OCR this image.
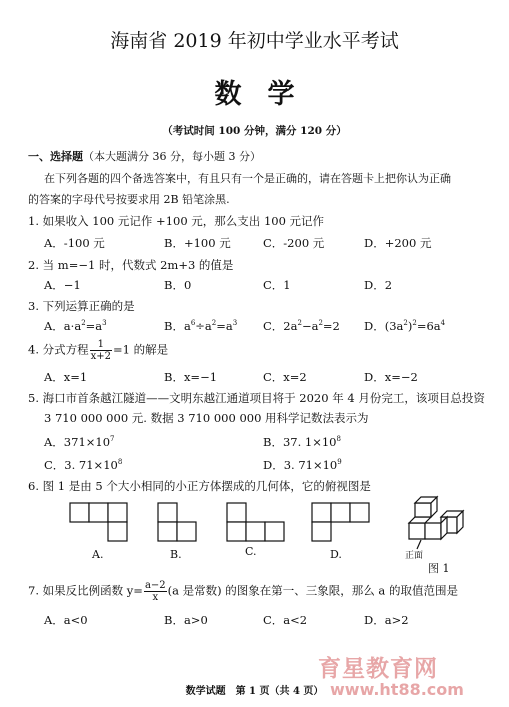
海南省 2019 年初中学业水平考试
数学
（考试时间 100 分钟，满分 120 分）
一、选择题（本大题满分 36 分，每小题 3 分）
在下列各题的四个备选答案中，有且只有一个是正确的，请在答题卡上把你认为正确
的答案的字母代号按要求用 2B 铅笔涂黑.
1. 如果收入 100 元记作 +100 元，那么支出 100 元记作
A．-100 元	B．+100 元	C．-200 元	D．+200 元
2. 当 m=−1 时，代数式 2m+3 的值是
A．−1	B．0	C．1	D．2
3. 下列运算正确的是
A．$a\cdot a^2=a^3$	B．$a^6\div a^2=a^3$ C．$2a^2-a^2=2$ D．$(3a^2)^2=6a^4$
4. 分式方程 $\frac{1}{x+2} =1$ 的解是
A．x=1	B．x=−1	C．x=2	D．x=−2
5. 海口市首条越江隧道——文明东越江通道项目将于 2020 年 4 月份完工，该项目总投资
3 710 000 000 元. 数据 3 710 000 000 用科学记数法表示为
A．$371\times 10^7$	B．37. $1\times 10^8$
C．3. $71\times 10^8$	D．3. $71\times 10^9$
6. 图 1 是由 5 个大小相同的小正方体摆成的几何体，它的俯视图是
A.	B.	C.	D.	正面
图 1
7. 如果反比例函数 $y= \frac{a-2}{x} (a$ 是常数) 的图象在第一、三象限，那么 a 的取值范围是
A．a<0	B．a>0	C．a<2	D．a>2
数学试题　第 1 页（共 4 页）
育星教育网
www.ht88.com
